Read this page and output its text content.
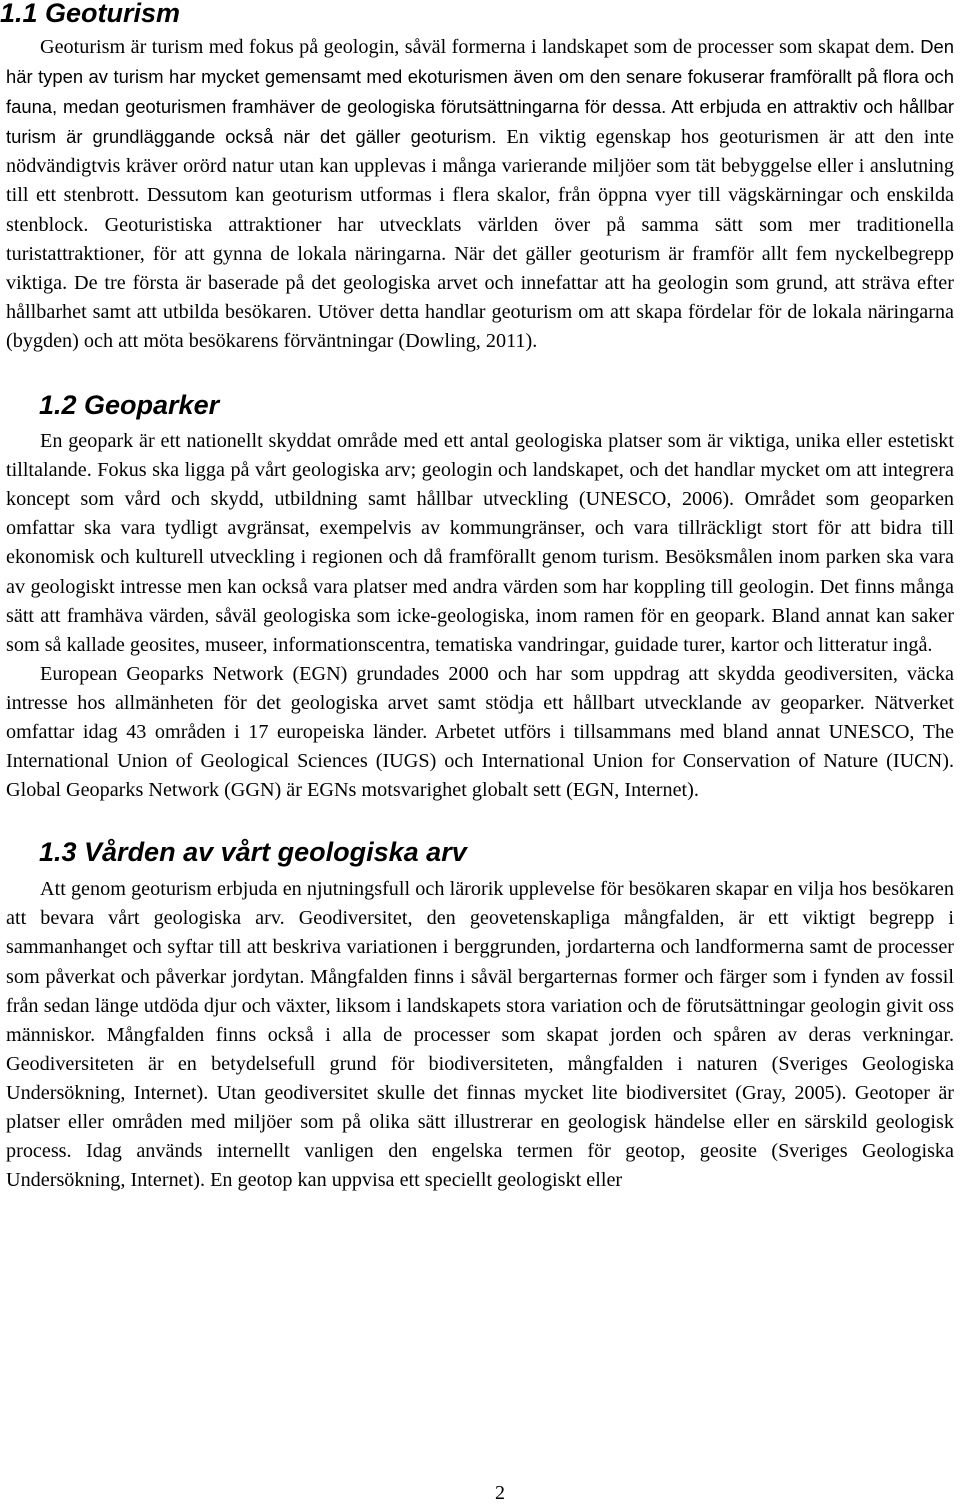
1.1 Geoturism

Geoturism är turism med fokus på geologin, såväl formerna i landskapet som de processer som skapat dem. Den här typen av turism har mycket gemensamt med ekoturismen även om den senare fokuserar framförallt på flora och fauna, medan geoturismen framhäver de geologiska förutsättningarna för dessa. Att erbjuda en attraktiv och hållbar turism är grundläggande också när det gäller geoturism. En viktig egenskap hos geoturismen är att den inte nödvändigtvis kräver orörd natur utan kan upplevas i många varierande miljöer som tät bebyggelse eller i anslutning till ett stenbrott. Dessutom kan geoturism utformas i flera skalor, från öppna vyer till vägskärningar och enskilda stenblock. Geoturistiska attraktioner har utvecklats världen över på samma sätt som mer traditionella turistattraktioner, för att gynna de lokala näringarna. När det gäller geoturism är framför allt fem nyckelbegrepp viktiga. De tre första är baserade på det geologiska arvet och innefattar att ha geologin som grund, att sträva efter hållbarhet samt att utbilda besökaren. Utöver detta handlar geoturism om att skapa fördelar för de lokala näringarna (bygden) och att möta besökarens förväntningar (Dowling, 2011).

1.2 Geoparker

En geopark är ett nationellt skyddat område med ett antal geologiska platser som är viktiga, unika eller estetiskt tilltalande. Fokus ska ligga på vårt geologiska arv; geologin och landskapet, och det handlar mycket om att integrera koncept som vård och skydd, utbildning samt hållbar utveckling (UNESCO, 2006). Området som geoparken omfattar ska vara tydligt avgränsat, exempelvis av kommungränser, och vara tillräckligt stort för att bidra till ekonomisk och kulturell utveckling i regionen och då framförallt genom turism. Besöksmålen inom parken ska vara av geologiskt intresse men kan också vara platser med andra värden som har koppling till geologin. Det finns många sätt att framhäva värden, såväl geologiska som icke-geologiska, inom ramen för en geopark. Bland annat kan saker som så kallade geosites, museer, informationscentra, tematiska vandringar, guidade turer, kartor och litteratur ingå.

European Geoparks Network (EGN) grundades 2000 och har som uppdrag att skydda geodiversiten, väcka intresse hos allmänheten för det geologiska arvet samt stödja ett hållbart utvecklande av geoparker. Nätverket omfattar idag 43 områden i 17 europeiska länder. Arbetet utförs i tillsammans med bland annat UNESCO, The International Union of Geological Sciences (IUGS) och International Union for Conservation of Nature (IUCN). Global Geoparks Network (GGN) är EGNs motsvarighet globalt sett (EGN, Internet).

1.3 Vården av vårt geologiska arv

Att genom geoturism erbjuda en njutningsfull och lärorik upplevelse för besökaren skapar en vilja hos besökaren att bevara vårt geologiska arv. Geodiversitet, den geovetenskapliga mångfalden, är ett viktigt begrepp i sammanhanget och syftar till att beskriva variationen i berggrunden, jordarterna och landformerna samt de processer som påverkat och påverkar jordytan. Mångfalden finns i såväl bergarternas former och färger som i fynden av fossil från sedan länge utdöda djur och växter, liksom i landskapets stora variation och de förutsättningar geologin givit oss människor. Mångfalden finns också i alla de processer som skapat jorden och spåren av deras verkningar. Geodiversiteten är en betydelsefull grund för biodiversiteten, mångfalden i naturen (Sveriges Geologiska Undersökning, Internet). Utan geodiversitet skulle det finnas mycket lite biodiversitet (Gray, 2005). Geotoper är platser eller områden med miljöer som på olika sätt illustrerar en geologisk händelse eller en särskild geologisk process. Idag används internellt vanligen den engelska termen för geotop, geosite (Sveriges Geologiska Undersökning, Internet). En geotop kan uppvisa ett speciellt geologiskt eller

2
